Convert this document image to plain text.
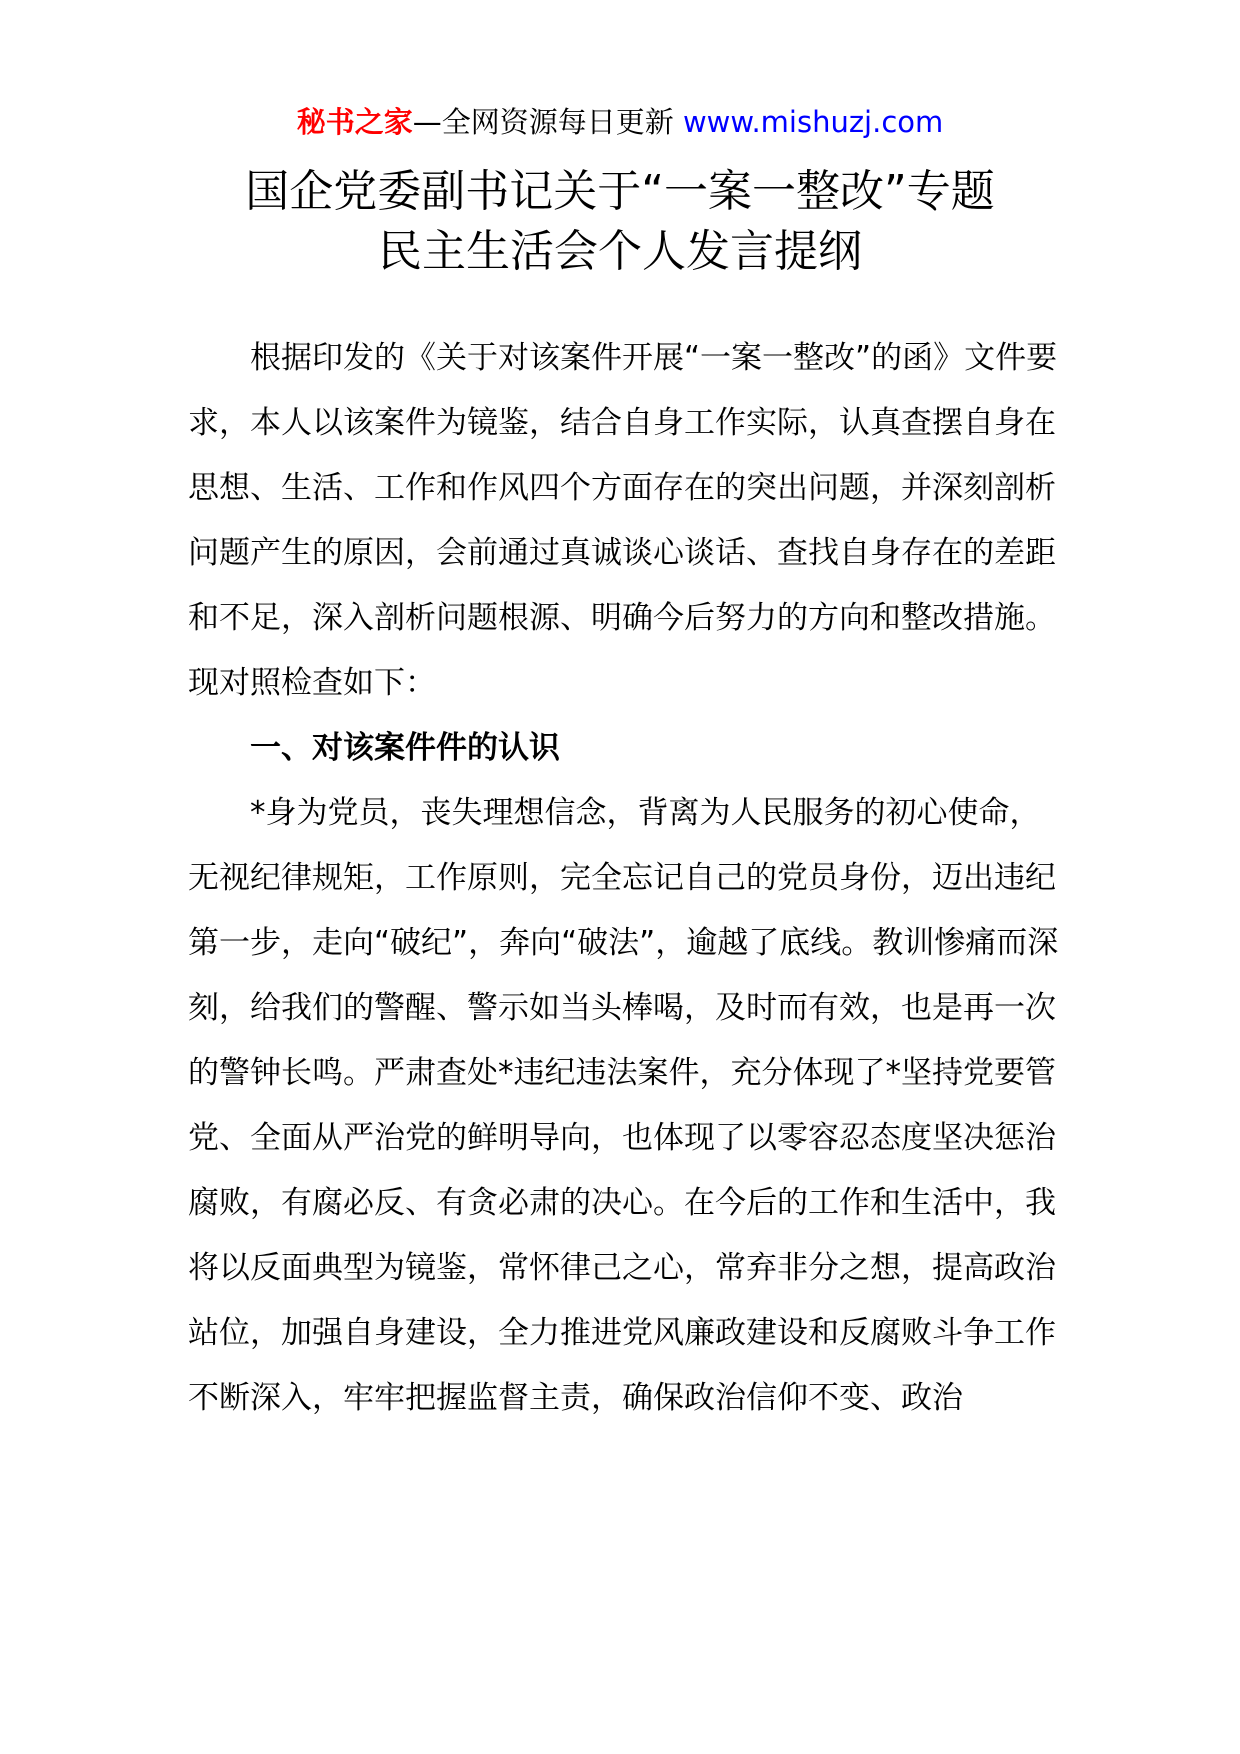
秘书之家—全网资源每日更新 www.mishuzj.com
国企党委副书记关于“一案一整改”专题
民主生活会个人发言提纲

根据印发的《关于对该案件开展“一案一整改”的函》文件要求，本人以该案件为镜鉴，结合自身工作实际，认真查摆自身在思想、生活、工作和作风四个方面存在的突出问题，并深刻剖析问题产生的原因，会前通过真诚谈心谈话、查找自身存在的差距和不足，深入剖析问题根源、明确今后努力的方向和整改措施。现对照检查如下：

一、对该案件件的认识

*身为党员，丧失理想信念，背离为人民服务的初心使命，无视纪律规矩，工作原则，完全忘记自己的党员身份，迈出违纪第一步，走向“破纪”，奔向“破法”，逾越了底线。教训惨痛而深刻，给我们的警醒、警示如当头棒喝，及时而有效，也是再一次的警钟长鸣。严肃查处*违纪违法案件，充分体现了*坚持党要管党、全面从严治党的鲜明导向，也体现了以零容忍态度坚决惩治腐败，有腐必反、有贪必肃的决心。在今后的工作和生活中，我将以反面典型为镜鉴，常怀律己之心，常弃非分之想，提高政治站位，加强自身建设，全力推进党风廉政建设和反腐败斗争工作不断深入，牢牢把握监督主责，确保政治信仰不变、政治
